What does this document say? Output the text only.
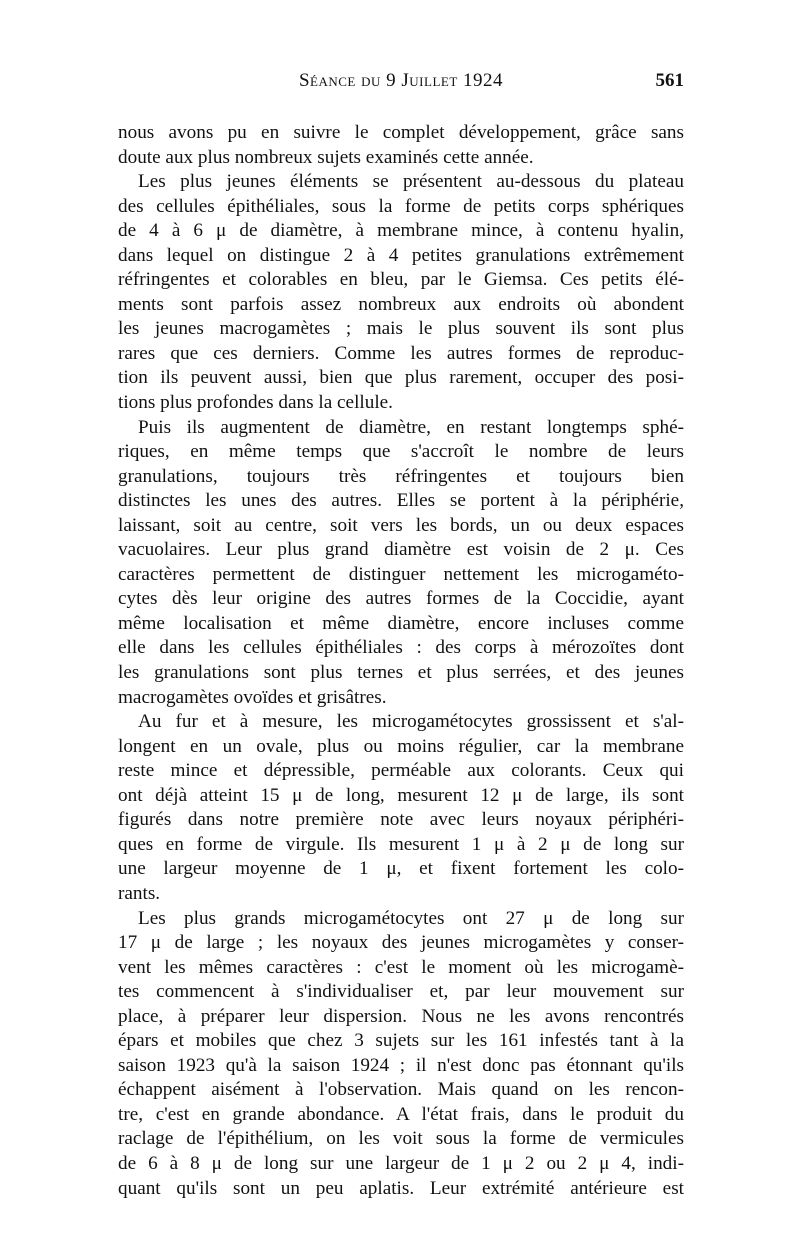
Séance du 9 Juillet 1924	561
nous avons pu en suivre le complet développement, grâce sans
doute aux plus nombreux sujets examinés cette année.
Les plus jeunes éléments se présentent au-dessous du plateau
des cellules épithéliales, sous la forme de petits corps sphériques
de 4 à 6 μ de diamètre, à membrane mince, à contenu hyalin,
dans lequel on distingue 2 à 4 petites granulations extrêmement
réfringentes et colorables en bleu, par le Giemsa. Ces petits élé-
ments sont parfois assez nombreux aux endroits où abondent
les jeunes macrogamètes ; mais le plus souvent ils sont plus
rares que ces derniers. Comme les autres formes de reproduc-
tion ils peuvent aussi, bien que plus rarement, occuper des posi-
tions plus profondes dans la cellule.
Puis ils augmentent de diamètre, en restant longtemps sphé-
riques, en même temps que s'accroît le nombre de leurs
granulations, toujours très réfringentes et toujours bien
distinctes les unes des autres. Elles se portent à la périphérie,
laissant, soit au centre, soit vers les bords, un ou deux espaces
vacuolaires. Leur plus grand diamètre est voisin de 2 μ. Ces
caractères permettent de distinguer nettement les microgaméto-
cytes dès leur origine des autres formes de la Coccidie, ayant
même localisation et même diamètre, encore incluses comme
elle dans les cellules épithéliales : des corps à mérozoïtes dont
les granulations sont plus ternes et plus serrées, et des jeunes
macrogamètes ovoïdes et grisâtres.
Au fur et à mesure, les microgamétocytes grossissent et s'al-
longent en un ovale, plus ou moins régulier, car la membrane
reste mince et dépressible, perméable aux colorants. Ceux qui
ont déjà atteint 15 μ de long, mesurent 12 μ de large, ils sont
figurés dans notre première note avec leurs noyaux périphéri-
ques en forme de virgule. Ils mesurent 1 μ à 2 μ de long sur
une largeur moyenne de 1 μ, et fixent fortement les colo-
rants.
Les plus grands microgamétocytes ont 27 μ de long sur
17 μ de large ; les noyaux des jeunes microgamètes y conser-
vent les mêmes caractères : c'est le moment où les microgamè-
tes commencent à s'individualiser et, par leur mouvement sur
place, à préparer leur dispersion. Nous ne les avons rencontrés
épars et mobiles que chez 3 sujets sur les 161 infestés tant à la
saison 1923 qu'à la saison 1924 ; il n'est donc pas étonnant qu'ils
échappent aisément à l'observation. Mais quand on les rencon-
tre, c'est en grande abondance. A l'état frais, dans le produit du
raclage de l'épithélium, on les voit sous la forme de vermicules
de 6 à 8 μ de long sur une largeur de 1 μ 2 ou 2 μ 4, indi-
quant qu'ils sont un peu aplatis. Leur extrémité antérieure est
